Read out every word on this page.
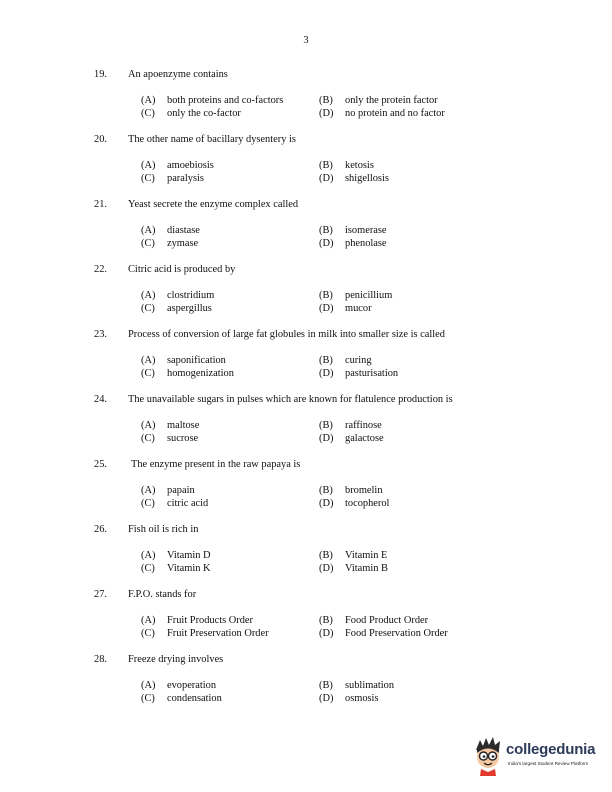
3
19. An apoenzyme contains
(A) both proteins and co-factors	(B) only the protein factor
(C) only the co-factor	(D) no protein and no factor
20. The other name of bacillary dysentery is
(A) amoebiosis	(B) ketosis
(C) paralysis	(D) shigellosis
21. Yeast secrete the enzyme complex called
(A) diastase	(B) isomerase
(C) zymase	(D) phenolase
22. Citric acid is produced by
(A) clostridium	(B) penicillium
(C) aspergillus	(D) mucor
23. Process of conversion of large fat globules in milk into smaller size is called
(A) saponification	(B) curing
(C) homogenization	(D) pasturisation
24. The unavailable sugars in pulses which are known for flatulence production is
(A) maltose	(B) raffinose
(C) sucrose	(D) galactose
25. The enzyme present in the raw papaya is
(A) papain	(B) bromelin
(C) citric acid	(D) tocopherol
26. Fish oil is rich in
(A) Vitamin D	(B) Vitamin E
(C) Vitamin K	(D) Vitamin B
27. F.P.O. stands for
(A) Fruit Products Order	(B) Food Product Order
(C) Fruit Preservation Order	(D) Food Preservation Order
28. Freeze drying involves
(A) evoperation	(B) sublimation
(C) condensation	(D) osmosis
collegedunia
India's largest Student Review Platform
